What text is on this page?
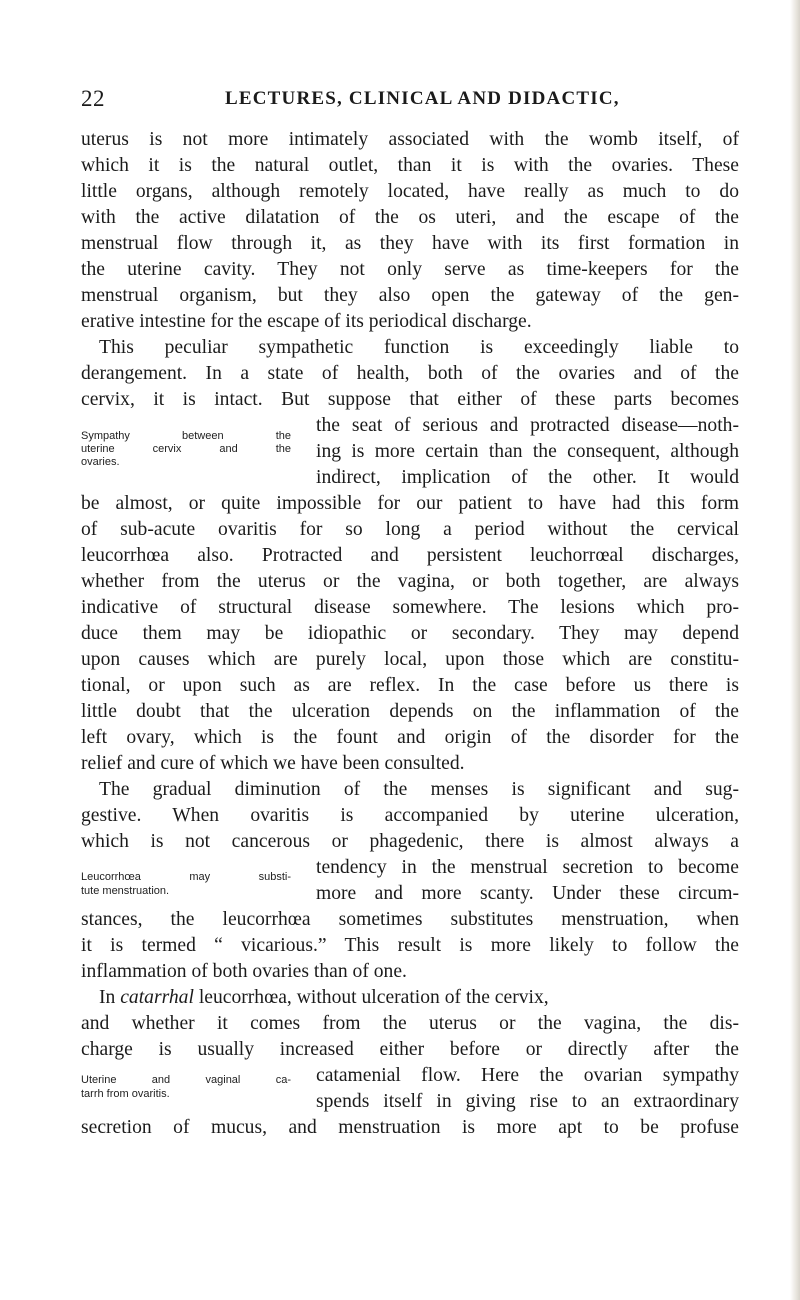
22	LECTURES, CLINICAL AND DIDACTIC,
uterus is not more intimately associated with the womb itself, of
which it is the natural outlet, than it is with the ovaries. These
little organs, although remotely located, have really as much to do
with the active dilatation of the os uteri, and the escape of the
menstrual flow through it, as they have with its first formation in
the uterine cavity. They not only serve as time-keepers for the
menstrual organism, but they also open the gateway of the gen-
erative intestine for the escape of its periodical discharge.
This peculiar sympathetic function is exceedingly liable to
derangement. In a state of health, both of the ovaries and of the
cervix, it is intact. But suppose that either of these parts becomes
the seat of serious and protracted disease—noth-
ing is more certain than the consequent, although
indirect, implication of the other. It would
Sympathy between the
uterine cervix and the
ovaries.
be almost, or quite impossible for our patient to have had this form
of sub-acute ovaritis for so long a period without the cervical
leucorrhœa also. Protracted and persistent leuchorrœal discharges,
whether from the uterus or the vagina, or both together, are always
indicative of structural disease somewhere. The lesions which pro-
duce them may be idiopathic or secondary. They may depend
upon causes which are purely local, upon those which are constitu-
tional, or upon such as are reflex. In the case before us there is
little doubt that the ulceration depends on the inflammation of the
left ovary, which is the fount and origin of the disorder for the
relief and cure of which we have been consulted.
The gradual diminution of the menses is significant and sug-
gestive. When ovaritis is accompanied by uterine ulceration,
which is not cancerous or phagedenic, there is almost always a
tendency in the menstrual secretion to become
more and more scanty. Under these circum-
Leucorrhœa may substi-
tute menstruation.
stances, the leucorrhœa sometimes substitutes menstruation, when
it is termed “ vicarious.” This result is more likely to follow the
inflammation of both ovaries than of one.
In catarrhal leucorrhœa, without ulceration of the cervix,
and whether it comes from the uterus or the vagina, the dis-
charge is usually increased either before or directly after the
catamenial flow. Here the ovarian sympathy
spends itself in giving rise to an extraordinary
Uterine and vaginal ca-
tarrh from ovaritis.
secretion of mucus, and menstruation is more apt to be profuse
